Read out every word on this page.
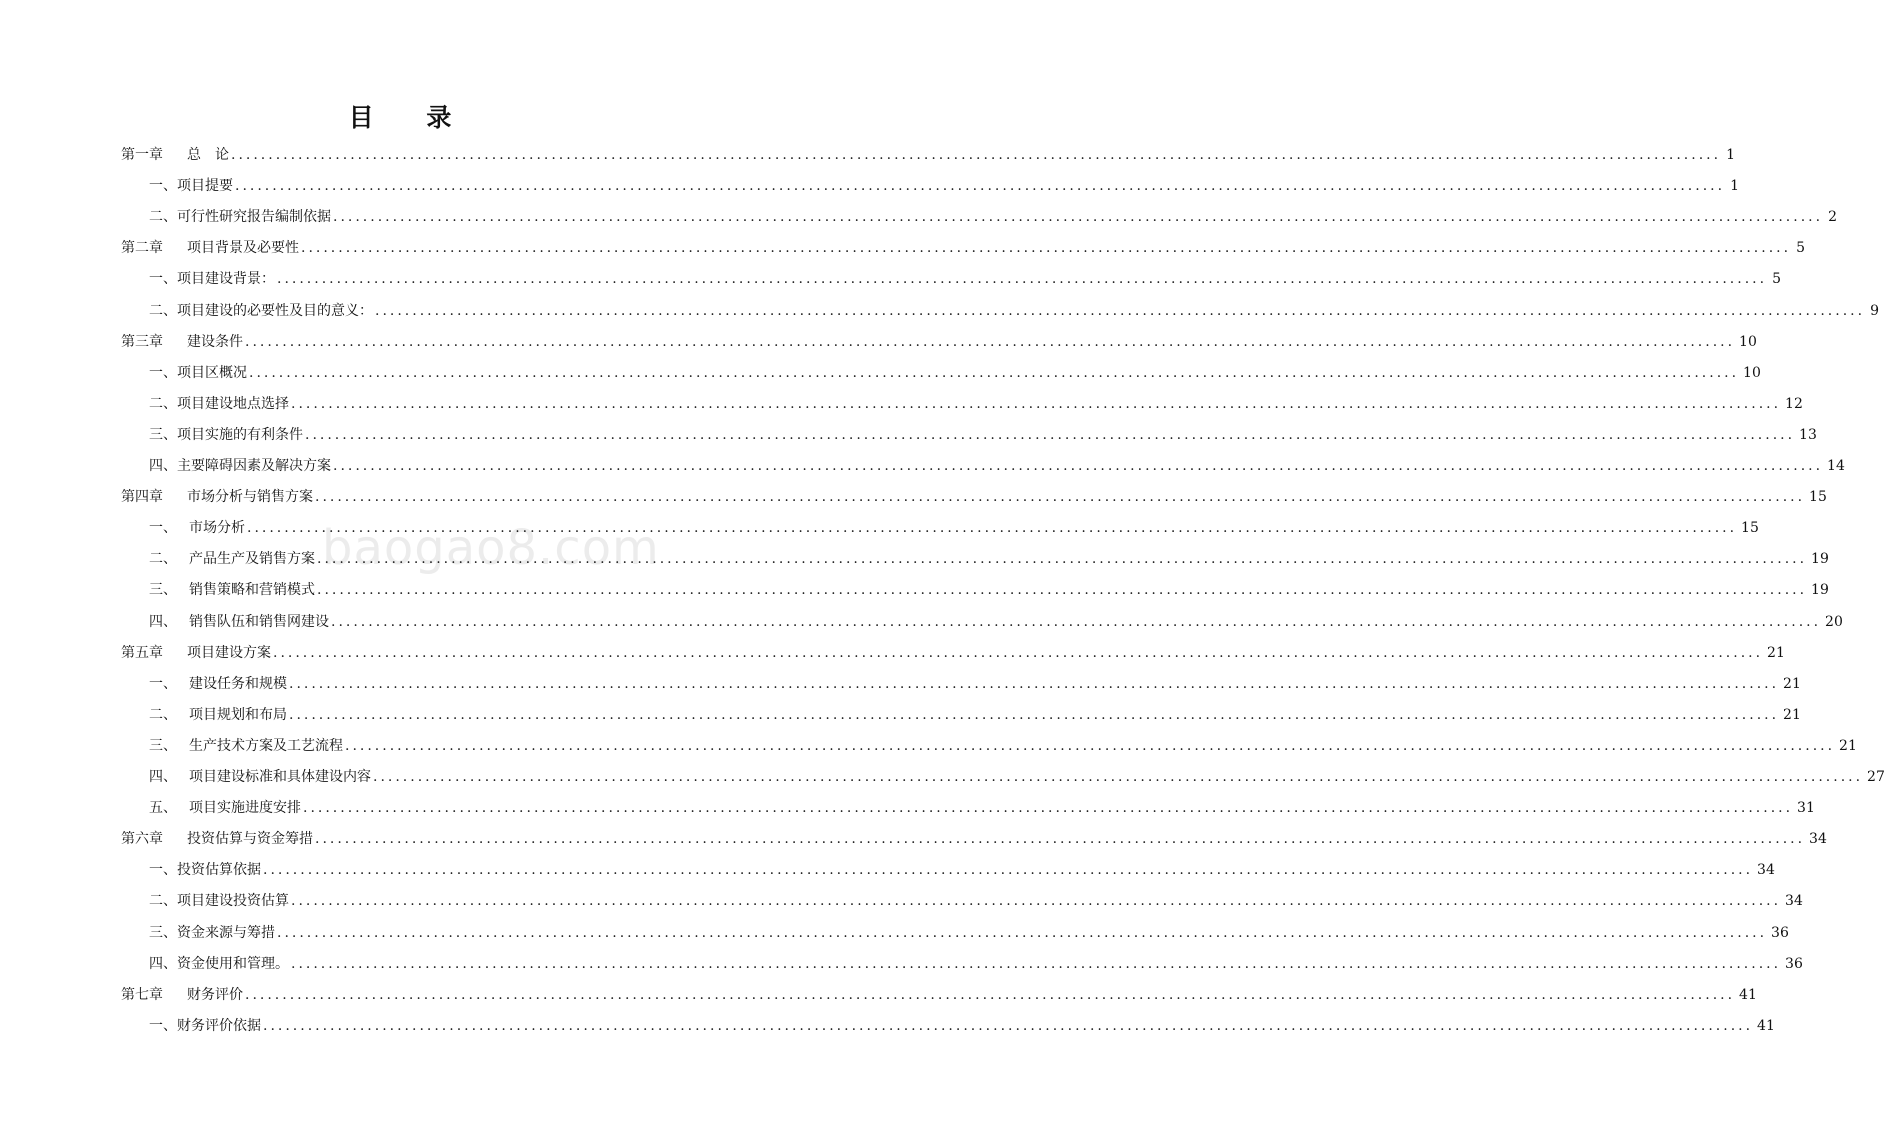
目 录
baogao8.com
第一章 总　论 ........................................................................................................................................................................................................ 1
一、项目提要 ........................................................................................................................................................................................................ 1
二、可行性研究报告编制依据 ........................................................................................................................................................................................................ 2
第二章 项目背景及必要性 ........................................................................................................................................................................................................ 5
一、项目建设背景： ........................................................................................................................................................................................................ 5
二、项目建设的必要性及目的意义： ........................................................................................................................................................................................................ 9
第三章 建设条件 ........................................................................................................................................................................................................ 10
一、项目区概况 ........................................................................................................................................................................................................ 10
二、项目建设地点选择 ........................................................................................................................................................................................................ 12
三、项目实施的有利条件 ........................................................................................................................................................................................................ 13
四、主要障碍因素及解决方案 ........................................................................................................................................................................................................ 14
第四章 市场分析与销售方案 ........................................................................................................................................................................................................ 15
一、 市场分析 ........................................................................................................................................................................................................ 15
二、 产品生产及销售方案 ........................................................................................................................................................................................................ 19
三、 销售策略和营销模式 ........................................................................................................................................................................................................ 19
四、 销售队伍和销售网建设 ........................................................................................................................................................................................................ 20
第五章 项目建设方案 ........................................................................................................................................................................................................ 21
一、 建设任务和规模 ........................................................................................................................................................................................................ 21
二、 项目规划和布局 ........................................................................................................................................................................................................ 21
三、 生产技术方案及工艺流程 ........................................................................................................................................................................................................ 21
四、 项目建设标准和具体建设内容 ........................................................................................................................................................................................................ 27
五、 项目实施进度安排 ........................................................................................................................................................................................................ 31
第六章 投资估算与资金筹措 ........................................................................................................................................................................................................ 34
一、投资估算依据 ........................................................................................................................................................................................................ 34
二、项目建设投资估算 ........................................................................................................................................................................................................ 34
三、资金来源与筹措 ........................................................................................................................................................................................................ 36
四、资金使用和管理。 ........................................................................................................................................................................................................ 36
第七章 财务评价 ........................................................................................................................................................................................................ 41
一、财务评价依据 ........................................................................................................................................................................................................ 41
